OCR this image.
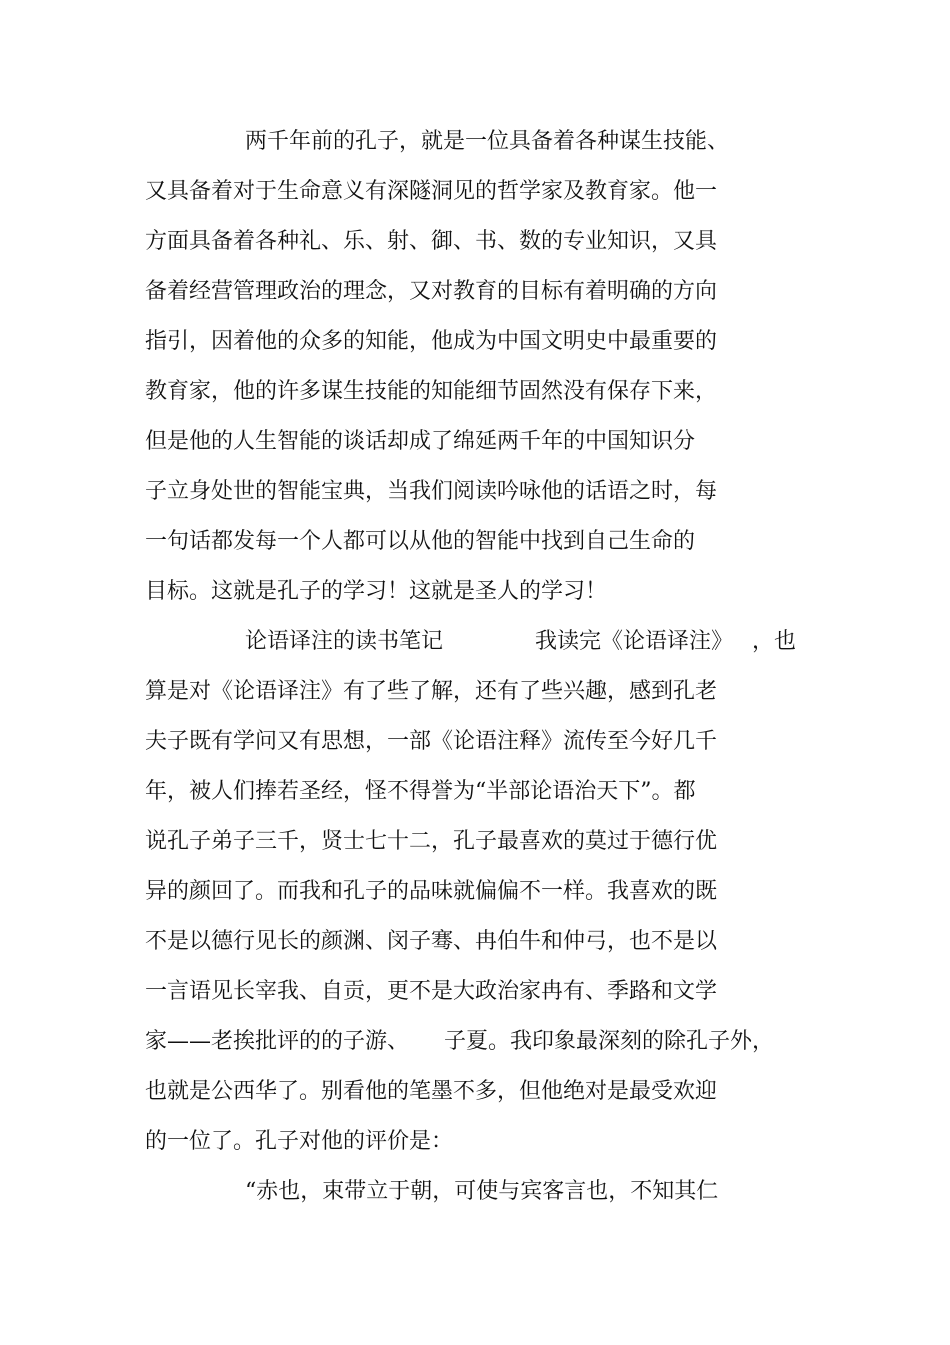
两千年前的孔子，就是一位具备着各种谋生技能、
又具备着对于生命意义有深隧洞见的哲学家及教育家。他一
方面具备着各种礼、乐、射、御、书、数的专业知识，又具
备着经营管理政治的理念，又对教育的目标有着明确的方向
指引，因着他的众多的知能，他成为中国文明史中最重要的
教育家，他的许多谋生技能的知能细节固然没有保存下来，
但是他的人生智能的谈话却成了绵延两千年的中国知识分
子立身处世的智能宝典，当我们阅读吟咏他的话语之时，每
一句话都发每一个人都可以从他的智能中找到自己生命的
目标。这就是孔子的学习！这就是圣人的学习！
论语译注的读书笔记	我读完《论语译注》 ，也
算是对《论语译注》有了些了解，还有了些兴趣，感到孔老
夫子既有学问又有思想，一部《论语注释》流传至今好几千
年，被人们捧若圣经，怪不得誉为“半部论语治天下”。都
说孔子弟子三千，贤士七十二，孔子最喜欢的莫过于德行优
异的颜回了。而我和孔子的品味就偏偏不一样。我喜欢的既
不是以德行见长的颜渊、闵子骞、冉伯牛和仲弓，也不是以
一言语见长宰我、自贡，更不是大政治家冉有、季路和文学
家——老挨批评的的子游、 子夏。我印象最深刻的除孔子外，
也就是公西华了。别看他的笔墨不多，但他绝对是最受欢迎
的一位了。孔子对他的评价是：
“赤也，束带立于朝，可使与宾客言也，不知其仁
